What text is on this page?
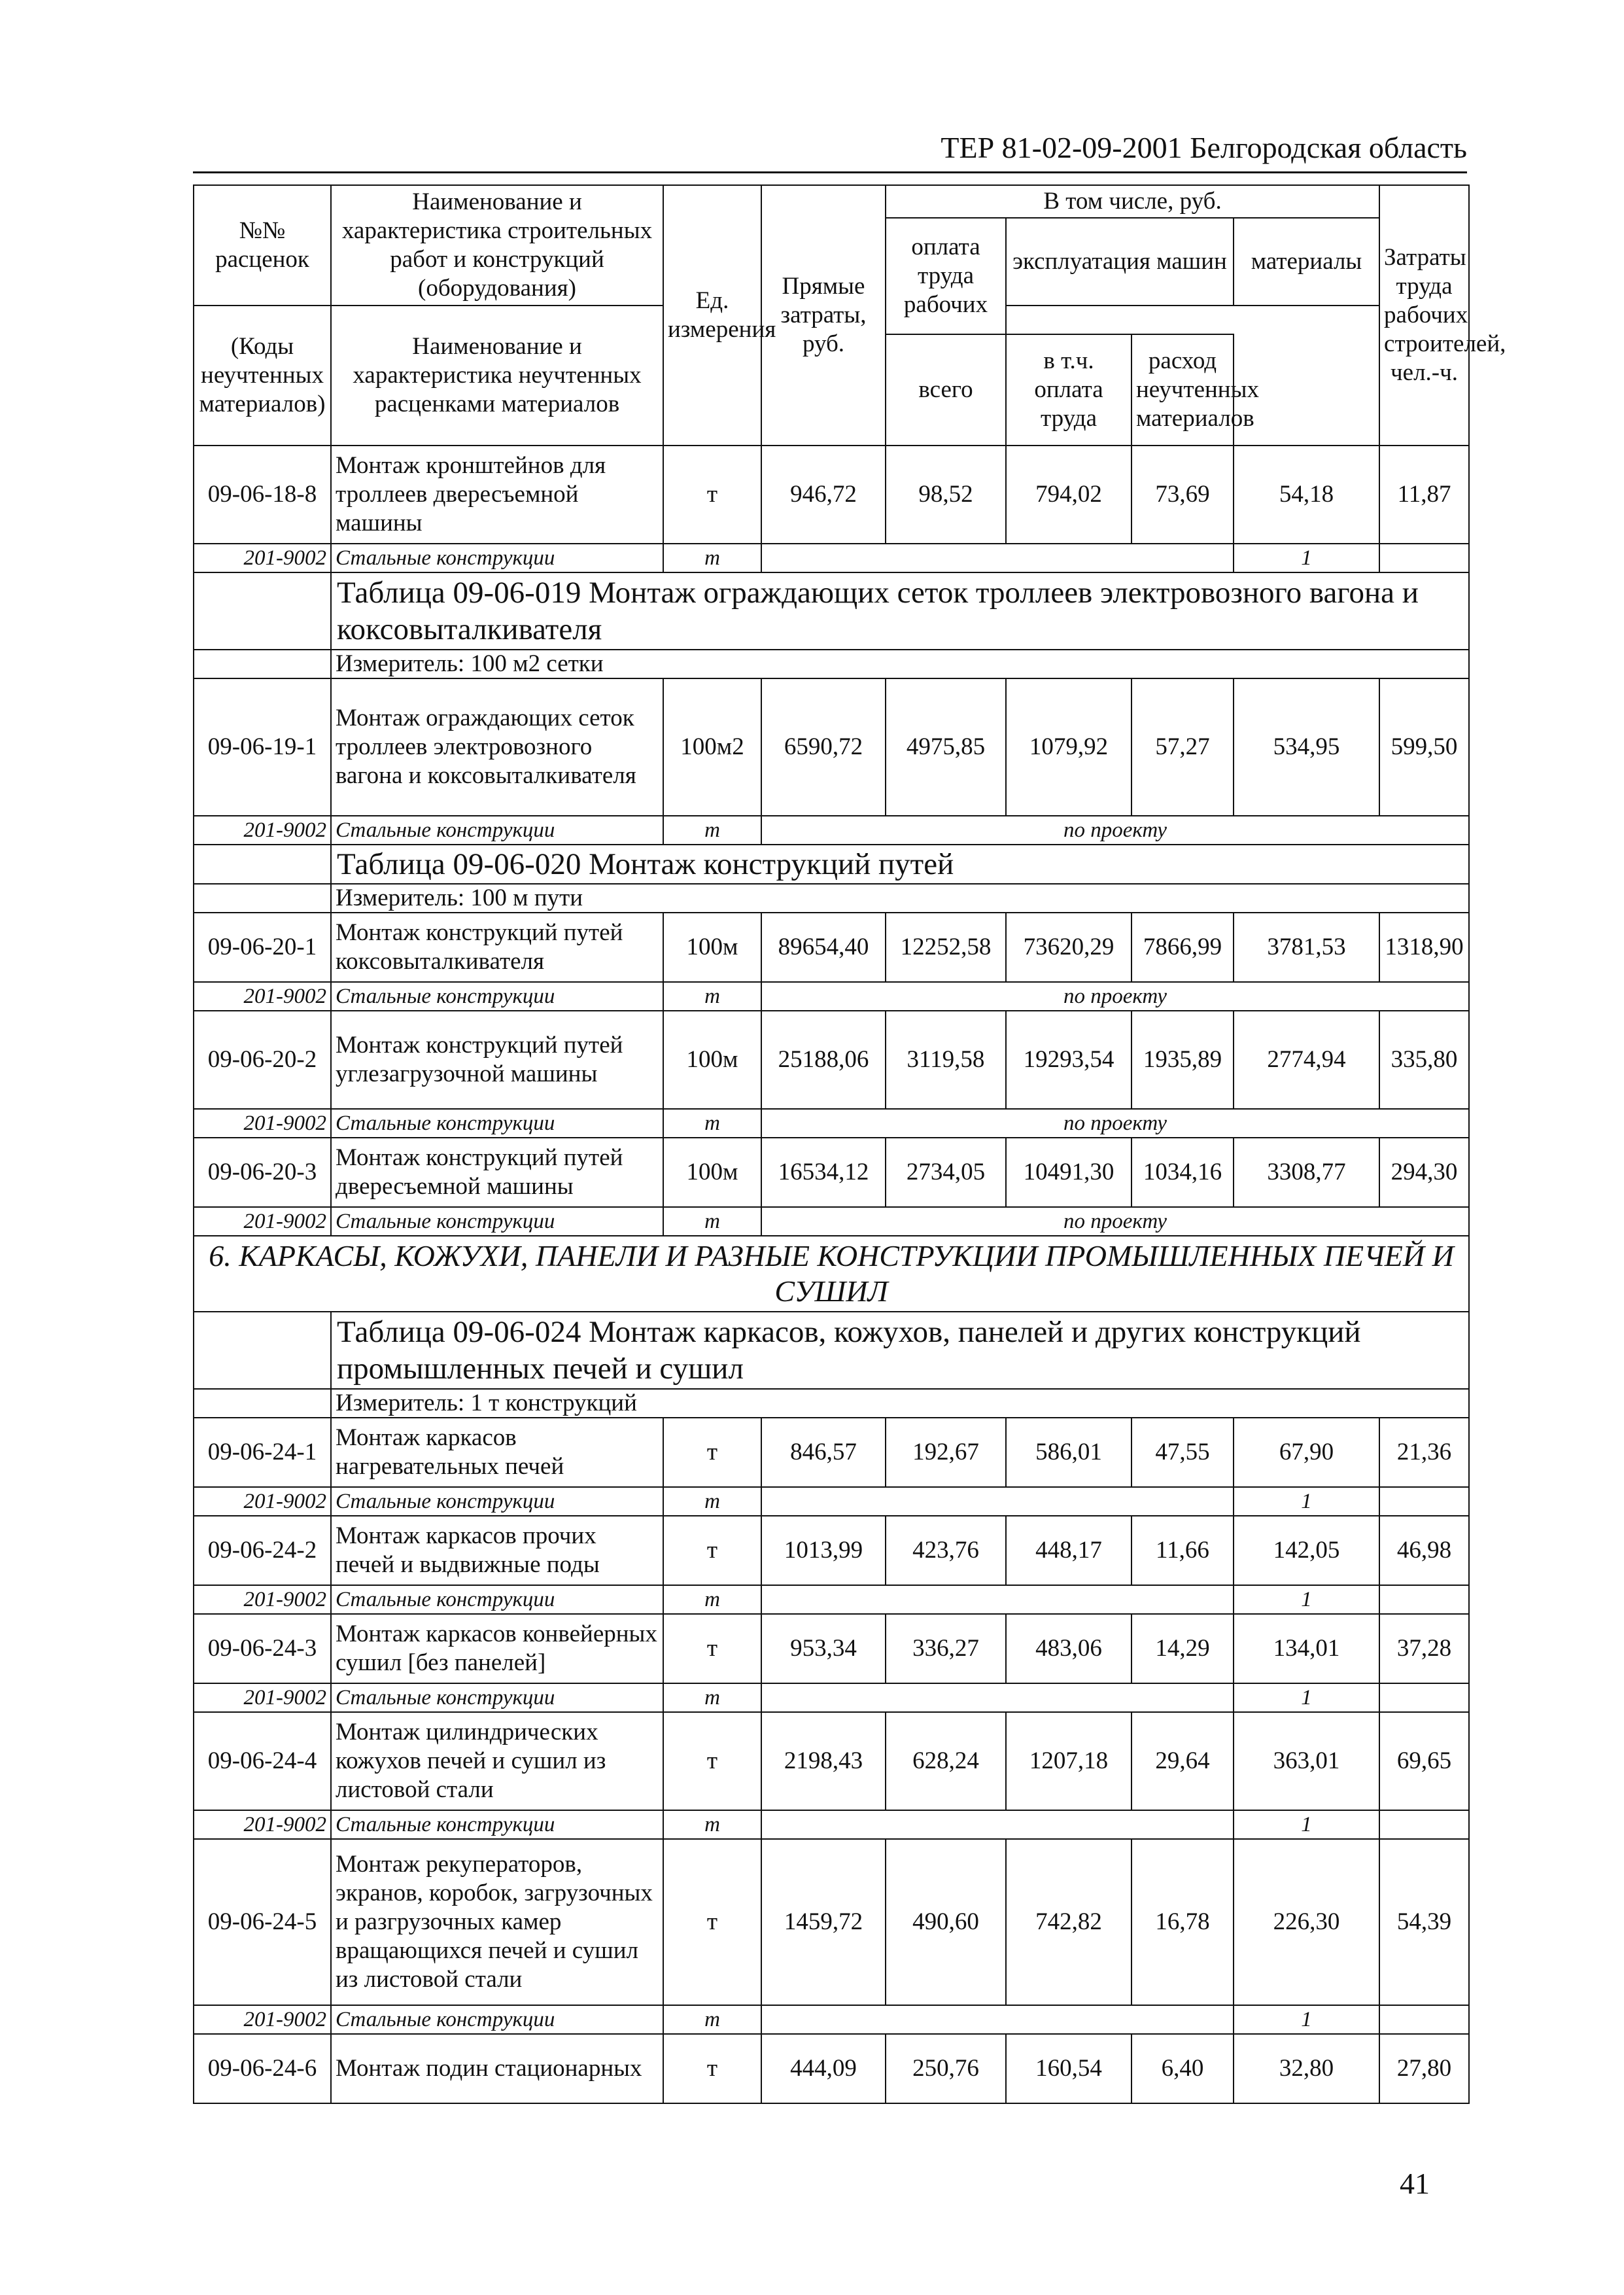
ТЕР 81-02-09-2001 Белгородская область
№№ расценок	Наименование и характеристика строительных работ и конструкций (оборудования)	Ед. измерения	Прямые затраты, руб.	В том числе, руб.				Затраты труда рабочих строителей, чел.-ч.
				оплата труда рабочих	эксплуатация машин		материалы	

(Коды неучтенных материалов)	Наименование и характеристика неучтенных расценками материалов							
				всего	в т.ч. оплата труда	расход неучтенных материалов		
09-06-18-8	Монтаж кронштейнов для троллеев двересъемной машины	т	946,72	98,52	794,02	73,69	54,18	11,87
201-9002	Стальные конструкции	т					1	
	Таблица 09-06-019 Монтаж ограждающих сеток троллеев электровозного вагона и коксовыталкивателя							
	Измеритель: 100 м2 сетки							
09-06-19-1	Монтаж ограждающих сеток троллеев электровозного вагона и коксовыталкивателя	100м2	6590,72	4975,85	1079,92	57,27	534,95	599,50
201-9002	Стальные конструкции	т	по проекту					
	Таблица 09-06-020 Монтаж конструкций путей							
	Измеритель: 100 м пути							
09-06-20-1	Монтаж конструкций путей коксовыталкивателя	100м	89654,40	12252,58	73620,29	7866,99	3781,53	1318,90
201-9002	Стальные конструкции	т	по проекту					
09-06-20-2	Монтаж конструкций путей углезагрузочной машины	100м	25188,06	3119,58	19293,54	1935,89	2774,94	335,80
201-9002	Стальные конструкции	т	по проекту					
09-06-20-3	Монтаж конструкций путей двересъемной машины	100м	16534,12	2734,05	10491,30	1034,16	3308,77	294,30
201-9002	Стальные конструкции	т	по проекту					
6. КАРКАСЫ, КОЖУХИ, ПАНЕЛИ И РАЗНЫЕ КОНСТРУКЦИИ ПРОМЫШЛЕННЫХ ПЕЧЕЙ И СУШИЛ								
	Таблица 09-06-024 Монтаж каркасов, кожухов, панелей и других конструкций промышленных печей и сушил							
	Измеритель: 1 т конструкций							
09-06-24-1	Монтаж каркасов нагревательных печей	т	846,57	192,67	586,01	47,55	67,90	21,36
201-9002	Стальные конструкции	т					1	
09-06-24-2	Монтаж каркасов прочих печей и выдвижные поды	т	1013,99	423,76	448,17	11,66	142,05	46,98
201-9002	Стальные конструкции	т					1	
09-06-24-3	Монтаж каркасов конвейерных сушил [без панелей]	т	953,34	336,27	483,06	14,29	134,01	37,28
201-9002	Стальные конструкции	т					1	
09-06-24-4	Монтаж цилиндрических кожухов печей и сушил из листовой стали	т	2198,43	628,24	1207,18	29,64	363,01	69,65
201-9002	Стальные конструкции	т					1	
09-06-24-5	Монтаж рекуператоров, экранов, коробок, загрузочных и разгрузочных камер вращающихся печей и сушил из листовой стали	т	1459,72	490,60	742,82	16,78	226,30	54,39
201-9002	Стальные конструкции	т					1	
09-06-24-6	Монтаж подин стационарных	т	444,09	250,76	160,54	6,40	32,80	27,80
41
